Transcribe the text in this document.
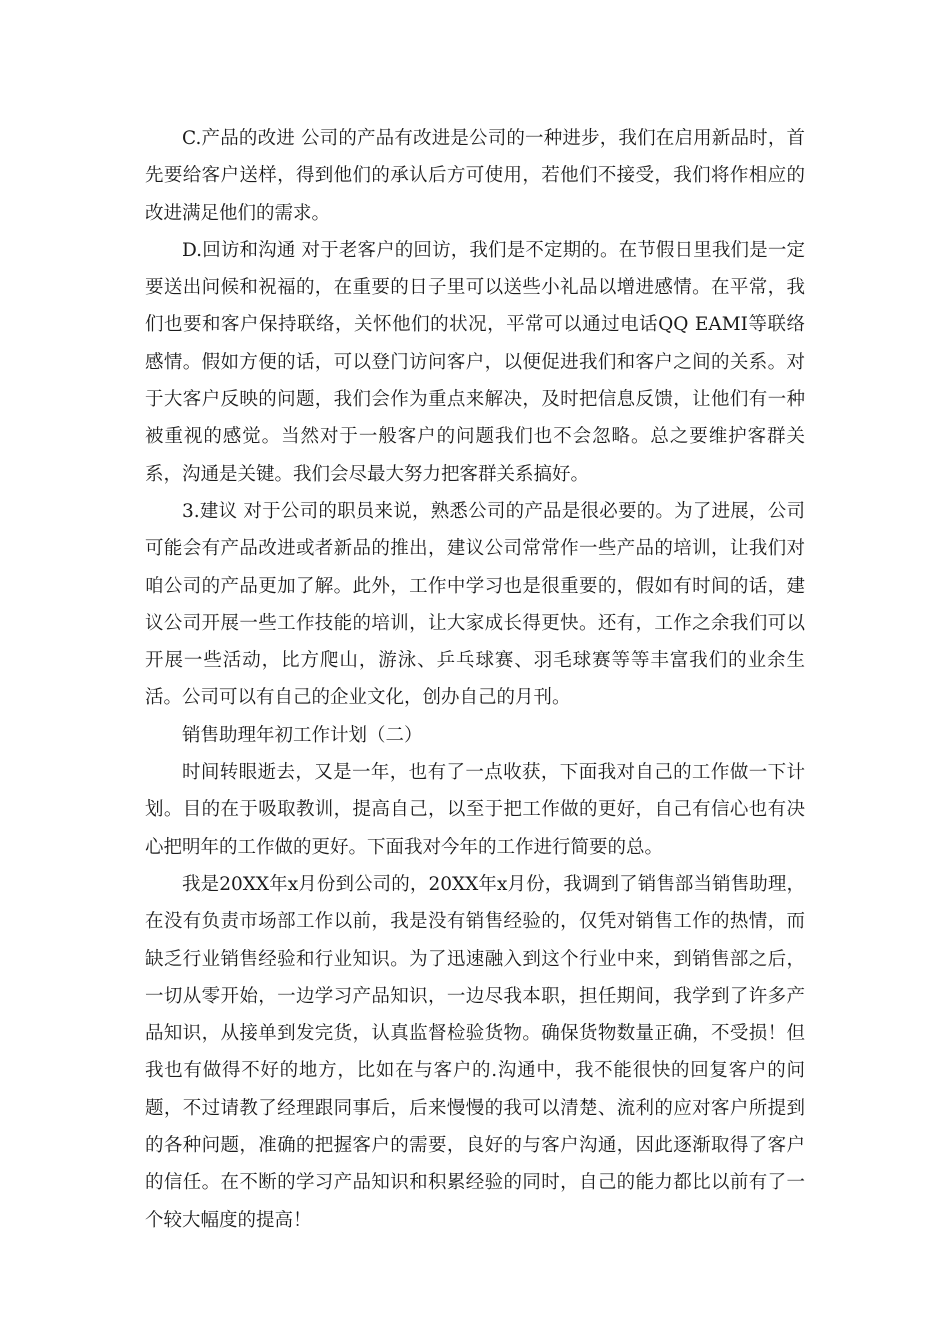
C.产品的改进 公司的产品有改进是公司的一种进步，我们在启用新品时，首先要给客户送样，得到他们的承认后方可使用，若他们不接受，我们将作相应的改进满足他们的需求。

D.回访和沟通 对于老客户的回访，我们是不定期的。在节假日里我们是一定要送出问候和祝福的，在重要的日子里可以送些小礼品以增进感情。在平常，我们也要和客户保持联络，关怀他们的状况，平常可以通过电话QQ EAMI等联络感情。假如方便的话，可以登门访问客户，以便促进我们和客户之间的关系。对于大客户反映的问题，我们会作为重点来解决，及时把信息反馈，让他们有一种被重视的感觉。当然对于一般客户的问题我们也不会忽略。总之要维护客群关系，沟通是关键。我们会尽最大努力把客群关系搞好。

3.建议 对于公司的职员来说，熟悉公司的产品是很必要的。为了进展，公司可能会有产品改进或者新品的推出，建议公司常常作一些产品的培训，让我们对咱公司的产品更加了解。此外，工作中学习也是很重要的，假如有时间的话，建议公司开展一些工作技能的培训，让大家成长得更快。还有，工作之余我们可以开展一些活动，比方爬山，游泳、乒乓球赛、羽毛球赛等等丰富我们的业余生活。公司可以有自己的企业文化，创办自己的月刊。

销售助理年初工作计划（二）

时间转眼逝去，又是一年，也有了一点收获，下面我对自己的工作做一下计划。目的在于吸取教训，提高自己，以至于把工作做的更好，自己有信心也有决心把明年的工作做的更好。下面我对今年的工作进行简要的总。

我是20XX年x月份到公司的，20XX年x月份，我调到了销售部当销售助理，在没有负责市场部工作以前，我是没有销售经验的，仅凭对销售工作的热情，而缺乏行业销售经验和行业知识。为了迅速融入到这个行业中来，到销售部之后，一切从零开始，一边学习产品知识，一边尽我本职，担任期间，我学到了许多产品知识，从接单到发完货，认真监督检验货物。确保货物数量正确，不受损！但我也有做得不好的地方，比如在与客户的.沟通中，我不能很快的回复客户的问题，不过请教了经理跟同事后，后来慢慢的我可以清楚、流利的应对客户所提到的各种问题，准确的把握客户的需要，良好的与客户沟通，因此逐渐取得了客户的信任。在不断的学习产品知识和积累经验的同时，自己的能力都比以前有了一个较大幅度的提高！
